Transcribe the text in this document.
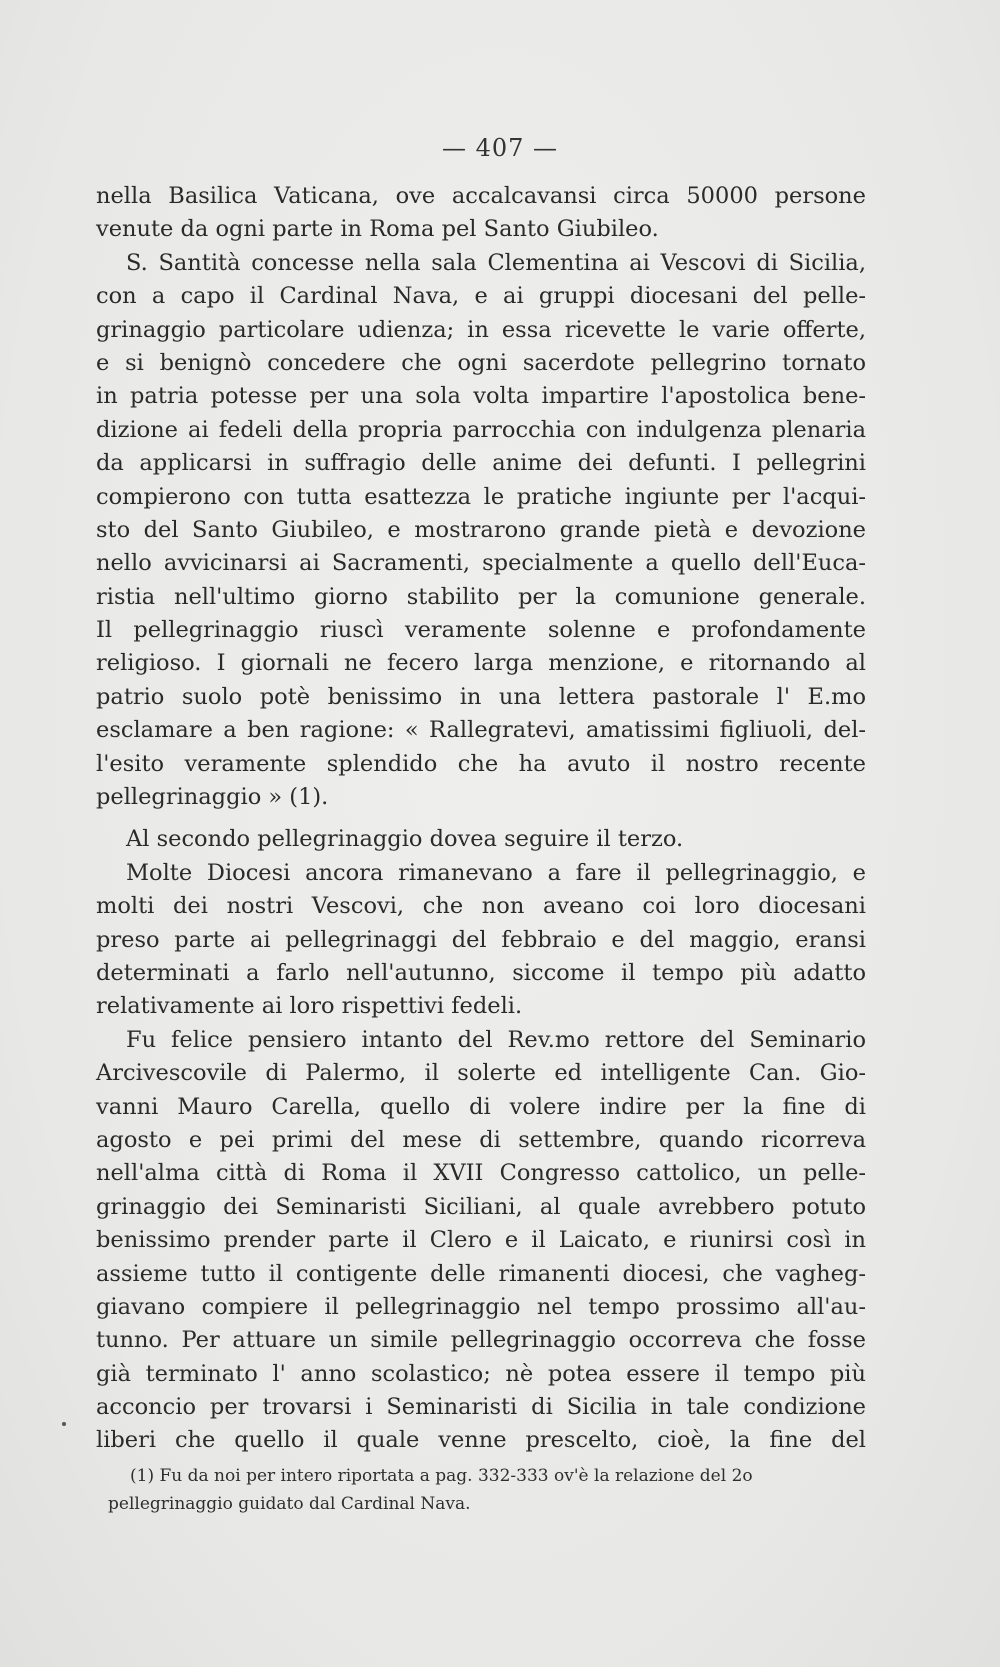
— 407 —
nella Basilica Vaticana, ove accalcavansi circa 50000 persone
venute da ogni parte in Roma pel Santo Giubileo.
S. Santità concesse nella sala Clementina ai Vescovi di Sicilia,
con a capo il Cardinal Nava, e ai gruppi diocesani del pelle-
grinaggio particolare udienza; in essa ricevette le varie offerte,
e si benignò concedere che ogni sacerdote pellegrino tornato
in patria potesse per una sola volta impartire l'apostolica bene-
dizione ai fedeli della propria parrocchia con indulgenza plenaria
da applicarsi in suffragio delle anime dei defunti. I pellegrini
compierono con tutta esattezza le pratiche ingiunte per l'acqui-
sto del Santo Giubileo, e mostrarono grande pietà e devozione
nello avvicinarsi ai Sacramenti, specialmente a quello dell'Euca-
ristia nell'ultimo giorno stabilito per la comunione generale.
Il pellegrinaggio riuscì veramente solenne e profondamente
religioso. I giornali ne fecero larga menzione, e ritornando al
patrio suolo potè benissimo in una lettera pastorale l' E.mo
esclamare a ben ragione: « Rallegratevi, amatissimi figliuoli, del-
l'esito veramente splendido che ha avuto il nostro recente
pellegrinaggio » (1).
Al secondo pellegrinaggio dovea seguire il terzo.
Molte Diocesi ancora rimanevano a fare il pellegrinaggio, e
molti dei nostri Vescovi, che non aveano coi loro diocesani
preso parte ai pellegrinaggi del febbraio e del maggio, eransi
determinati a farlo nell'autunno, siccome il tempo più adatto
relativamente ai loro rispettivi fedeli.
Fu felice pensiero intanto del Rev.mo rettore del Seminario
Arcivescovile di Palermo, il solerte ed intelligente Can. Gio-
vanni Mauro Carella, quello di volere indire per la fine di
agosto e pei primi del mese di settembre, quando ricorreva
nell'alma città di Roma il XVII Congresso cattolico, un pelle-
grinaggio dei Seminaristi Siciliani, al quale avrebbero potuto
benissimo prender parte il Clero e il Laicato, e riunirsi così in
assieme tutto il contigente delle rimanenti diocesi, che vagheg-
giavano compiere il pellegrinaggio nel tempo prossimo all'au-
tunno. Per attuare un simile pellegrinaggio occorreva che fosse
già terminato l' anno scolastico; nè potea essere il tempo più
acconcio per trovarsi i Seminaristi di Sicilia in tale condizione
liberi che quello il quale venne prescelto, cioè, la fine del
(1) Fu da noi per intero riportata a pag. 332-333 ov'è la relazione del 2o
pellegrinaggio guidato dal Cardinal Nava.
